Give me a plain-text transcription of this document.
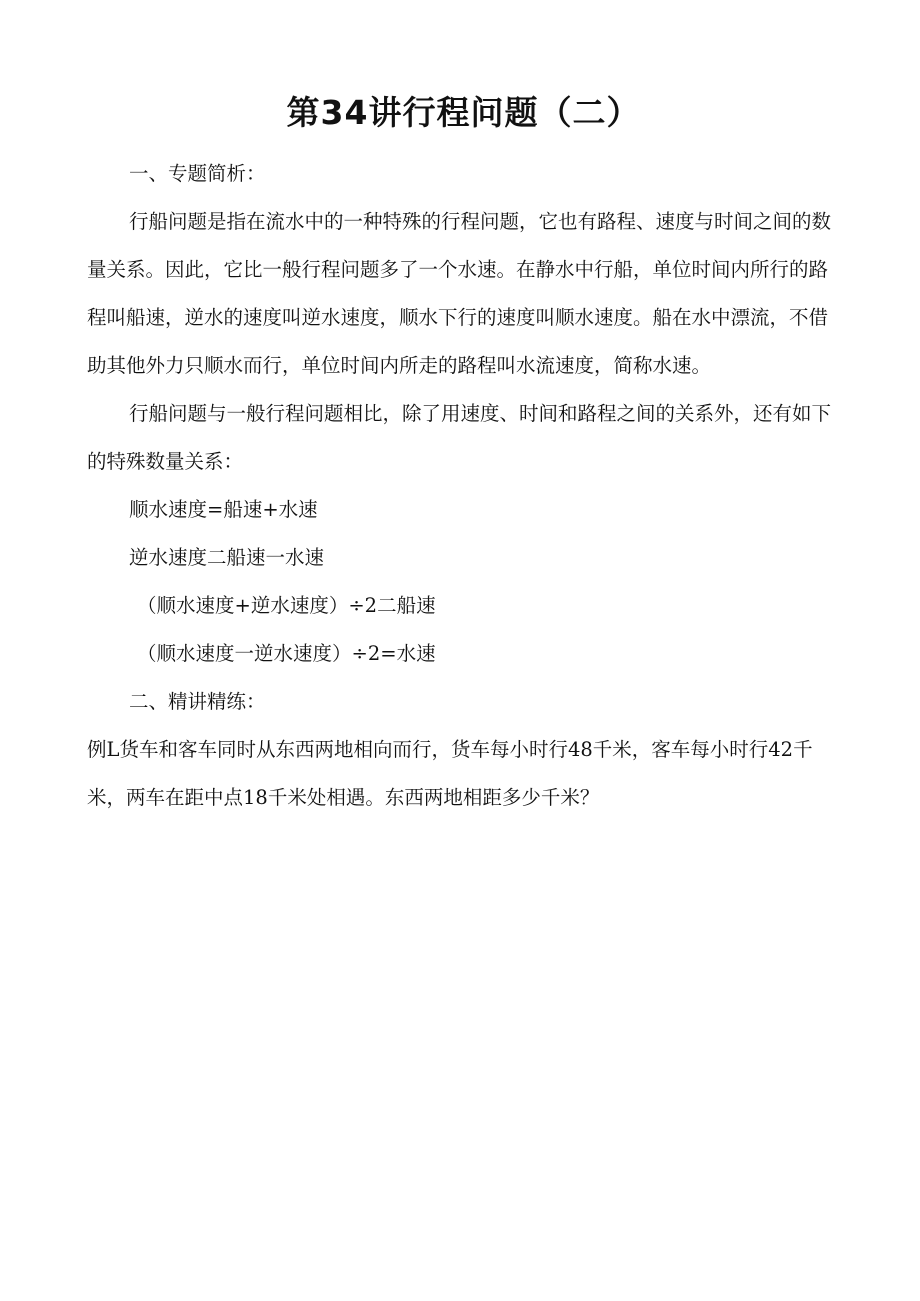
第34讲行程问题（二）

一、专题简析：

行船问题是指在流水中的一种特殊的行程问题，它也有路程、速度与时间之间的数量关系。因此，它比一般行程问题多了一个水速。在静水中行船，单位时间内所行的路程叫船速，逆水的速度叫逆水速度，顺水下行的速度叫顺水速度。船在水中漂流，不借助其他外力只顺水而行，单位时间内所走的路程叫水流速度，简称水速。

行船问题与一般行程问题相比，除了用速度、时间和路程之间的关系外，还有如下的特殊数量关系：

顺水速度=船速+水速

逆水速度二船速一水速

（顺水速度+逆水速度）÷2二船速

（顺水速度一逆水速度）÷2=水速

二、精讲精练：

例L货车和客车同时从东西两地相向而行，货车每小时行48千米，客车每小时行42千米，两车在距中点18千米处相遇。东西两地相距多少千米？
